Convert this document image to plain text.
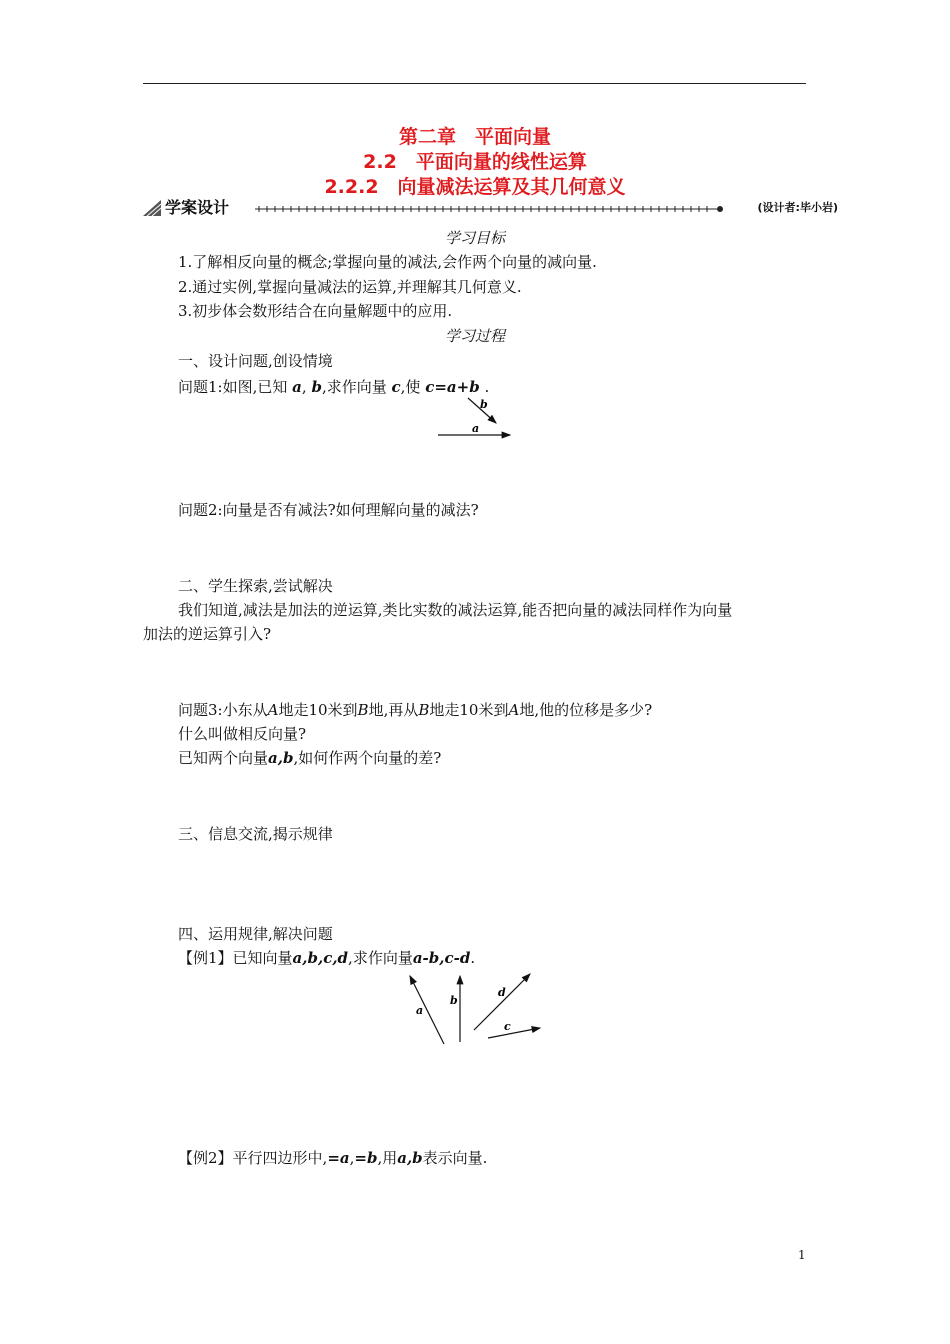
第二章　平面向量
2.2　平面向量的线性运算
2.2.2　向量减法运算及其几何意义
学案设计	(设计者:毕小岩)
学习目标
1.了解相反向量的概念;掌握向量的减法,会作两个向量的减向量.
2.通过实例,掌握向量减法的运算,并理解其几何意义.
3.初步体会数形结合在向量解题中的应用.
学习过程
一、设计问题,创设情境
问题1:如图,已知 a, b,求作向量 c,使 c=a+b .
a
b
问题2:向量是否有减法?如何理解向量的减法?
二、学生探索,尝试解决
我们知道,减法是加法的逆运算,类比实数的减法运算,能否把向量的减法同样作为向量
加法的逆运算引入?
问题3:小东从A地走10米到B地,再从B地走10米到A地,他的位移是多少?
什么叫做相反向量?
已知两个向量a,b,如何作两个向量的差?
三、信息交流,揭示规律
四、运用规律,解决问题
【例1】已知向量a,b,c,d,求作向量a-b,c-d.
a
b
d
c
【例2】平行四边形中,=a,=b,用a,b表示向量.
1
